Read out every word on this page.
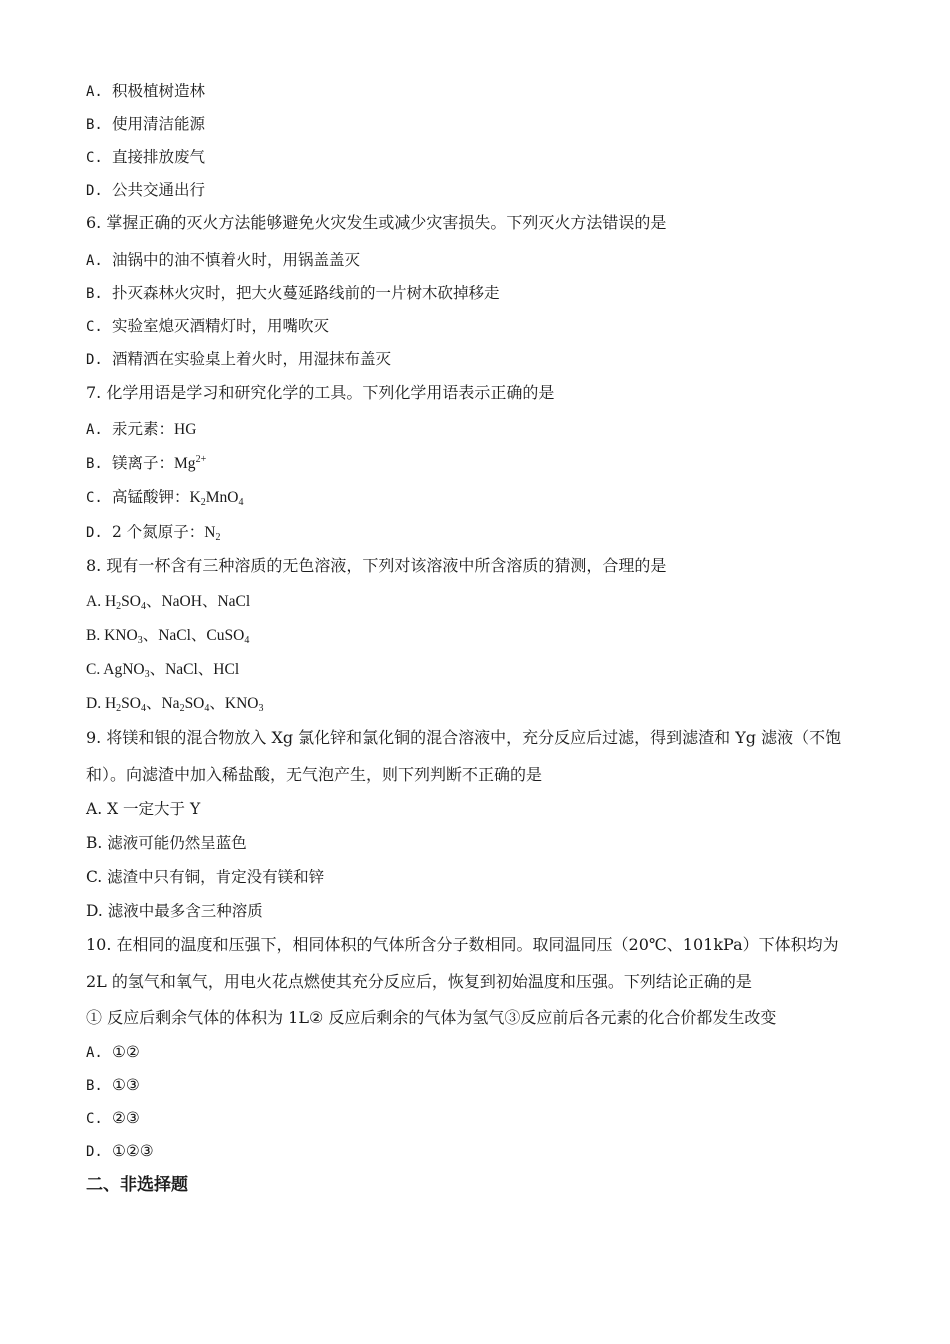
A. 积极植树造林
B. 使用清洁能源
C. 直接排放废气
D. 公共交通出行
6. 掌握正确的灭火方法能够避免火灾发生或减少灾害损失。下列灭火方法错误的是
A. 油锅中的油不慎着火时，用锅盖盖灭
B. 扑灭森林火灾时，把大火蔓延路线前的一片树木砍掉移走
C. 实验室熄灭酒精灯时，用嘴吹灭
D. 酒精洒在实验桌上着火时，用湿抹布盖灭
7. 化学用语是学习和研究化学的工具。下列化学用语表示正确的是
A. 汞元素：HG
B. 镁离子：$Mg^{2+}$
C. 高锰酸钾：$K_2MnO_4$
D. 2 个氮原子：$N_2$
8. 现有一杯含有三种溶质的无色溶液，下列对该溶液中所含溶质的猜测，合理的是
A. $H_2SO_4$、NaOH、NaCl
B. $KNO_3$、NaCl、CuSO$_4$
C. AgNO$_3$、NaCl、HCl
D. $H_2SO_4$、$Na_2SO_4$、$KNO_3$
9. 将镁和银的混合物放入 Xg 氯化锌和氯化铜的混合溶液中，充分反应后过滤，得到滤渣和 Yg 滤液（不饱
和）。向滤渣中加入稀盐酸，无气泡产生，则下列判断不正确的是
A. X 一定大于 Y
B. 滤液可能仍然呈蓝色
C. 滤渣中只有铜，肯定没有镁和锌
D. 滤液中最多含三种溶质
10. 在相同的温度和压强下，相同体积的气体所含分子数相同。取同温同压（20℃、101kPa）下体积均为
2L 的氢气和氧气，用电火花点燃使其充分反应后，恢复到初始温度和压强。下列结论正确的是
① 反应后剩余气体的体积为 1L② 反应后剩余的气体为氢气③反应前后各元素的化合价都发生改变
A. ①②
B. ①③
C. ②③
D. ①②③
二、非选择题
